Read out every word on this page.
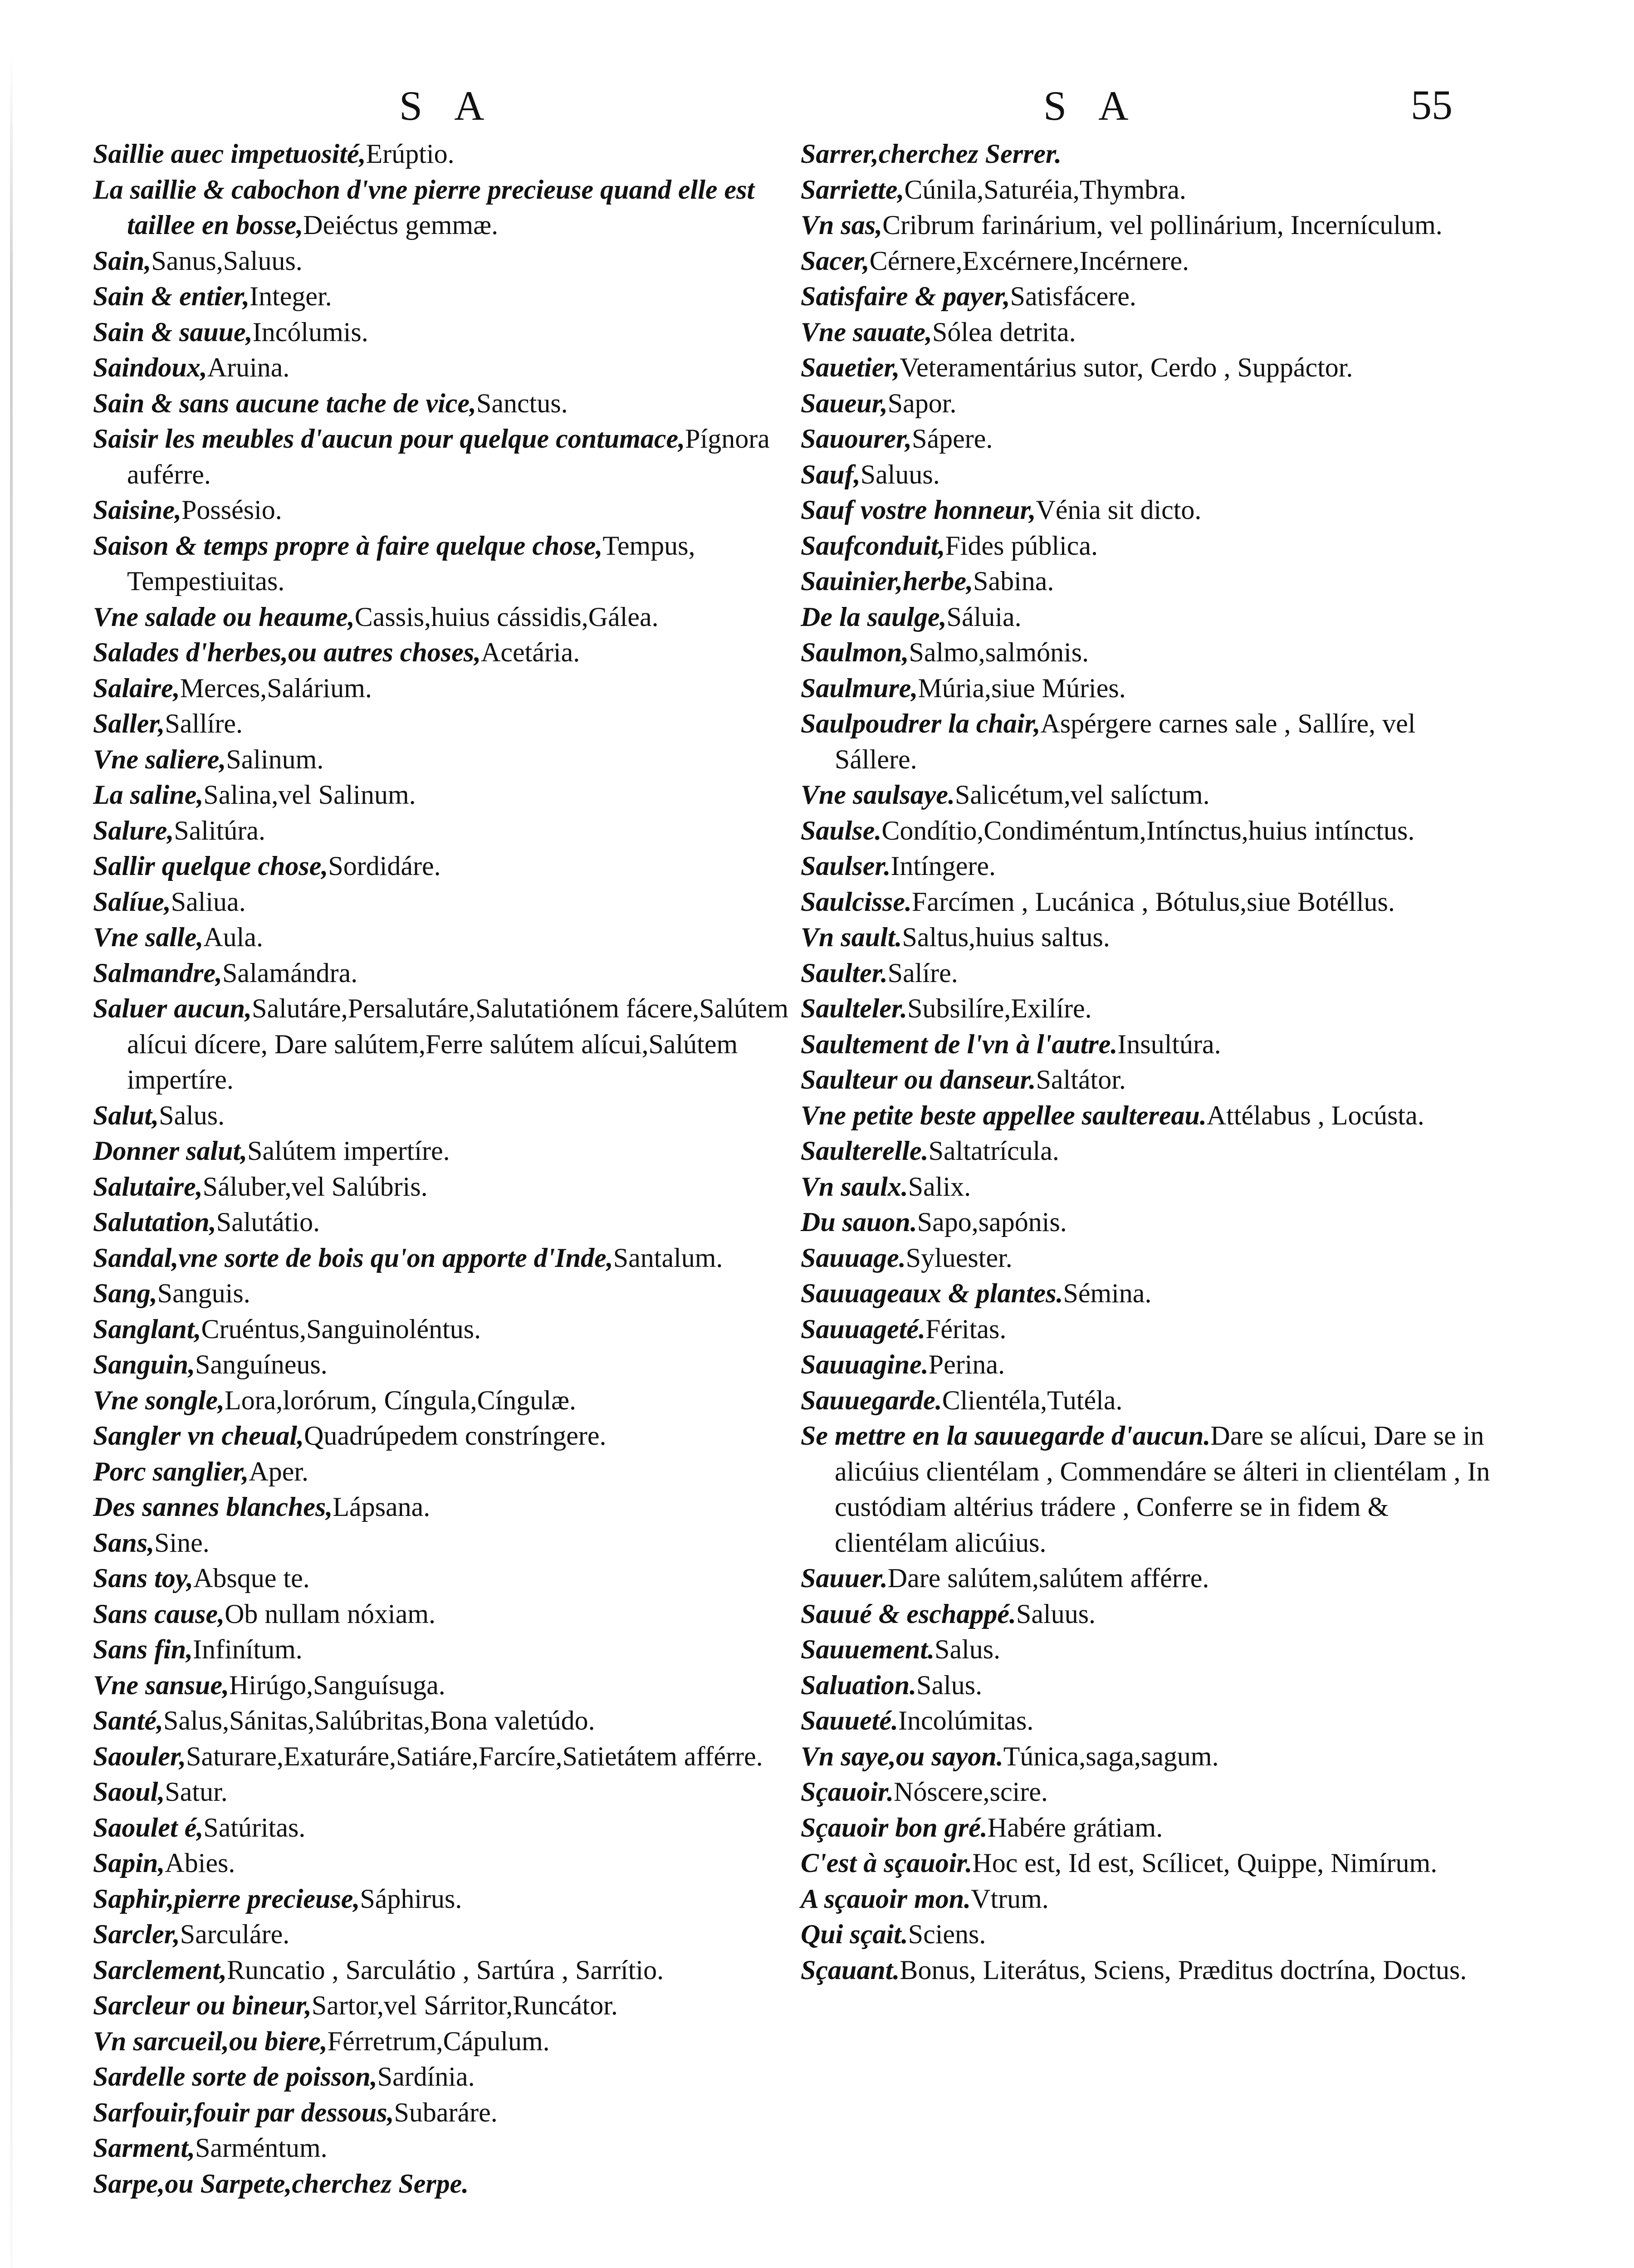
SA	SA	55
Saillie auec impetuosité,Erúptio.
La saillie & cabochon d'vne pierre precieuse quand elle est taillee en bosse,Deiéctus gemmæ.
Sain,Sanus,Saluus.
Sain & entier,Integer.
Sain & sauue,Incólumis.
Saindoux,Aruina.
Sain & sans aucune tache de vice,Sanctus.
Saisir les meubles d'aucun pour quelque contumace,Pígnora auférre.
Saisine,Possésio.
Saison & temps propre à faire quelque chose,Tempus, Tempestiuitas.
Vne salade ou heaume,Cassis,huius cássidis,Gálea.
Salades d'herbes,ou autres choses,Acetária.
Salaire,Merces,Salárium.
Saller,Sallíre.
Vne saliere,Salinum.
La saline,Salina,vel Salinum.
Salure,Salitúra.
Sallir quelque chose,Sordidáre.
Salíue,Saliua.
Vne salle,Aula.
Salmandre,Salamándra.
Saluer aucun,Salutáre,Persalutáre,Salutatiónem fácere,Salútem alícui dícere, Dare salútem,Ferre salútem alícui,Salútem impertíre.
Salut,Salus.
Donner salut,Salútem impertíre.
Salutaire,Sáluber,vel Salúbris.
Salutation,Salutátio.
Sandal,vne sorte de bois qu'on apporte d'Inde,Santalum.
Sang,Sanguis.
Sanglant,Cruéntus,Sanguinoléntus.
Sanguin,Sanguíneus.
Vne songle,Lora,lorórum, Cíngula,Cíngulæ.
Sangler vn cheual,Quadrúpedem constríngere.
Porc sanglier,Aper.
Des sannes blanches,Lápsana.
Sans,Sine.
Sans toy,Absque te.
Sans cause,Ob nullam nóxiam.
Sans fin,Infinítum.
Vne sansue,Hirúgo,Sanguísuga.
Santé,Salus,Sánitas,Salúbritas,Bona valetúdo.
Saouler,Saturare,Exaturáre,Satiáre,Farcíre,Satietátem afférre.
Saoul,Satur.
Saoulet é,Satúritas.
Sapin,Abies.
Saphir,pierre precieuse,Sáphirus.
Sarcler,Sarculáre.
Sarclement,Runcatio , Sarculátio , Sartúra , Sarrítio.
Sarcleur ou bineur,Sartor,vel Sárritor,Runcátor.
Vn sarcueil,ou biere,Férretrum,Cápulum.
Sardelle sorte de poisson,Sardínia.
Sarfouir,fouir par dessous,Subaráre.
Sarment,Sarméntum.
Sarpe,ou Sarpete,cherchez Serpe.
Sarrer,cherchez Serrer.
Sarriette,Cúnila,Saturéia,Thymbra.
Vn sas,Cribrum farinárium, vel pollinárium, Incernículum.
Sacer,Cérnere,Excérnere,Incérnere.
Satisfaire & payer,Satisfácere.
Vne sauate,Sólea detrita.
Sauetier,Veteramentárius sutor, Cerdo , Suppáctor.
Saueur,Sapor.
Sauourer,Sápere.
Sauf,Saluus.
Sauf vostre honneur,Vénia sit dicto.
Saufconduit,Fides pública.
Sauinier,herbe,Sabina.
De la saulge,Sáluia.
Saulmon,Salmo,salmónis.
Saulmure,Múria,siue Múries.
Saulpoudrer la chair,Aspérgere carnes sale , Sallíre, vel Sállere.
Vne saulsaye.Salicétum,vel salíctum.
Saulse.Condítio,Condiméntum,Intínctus,huius intínctus.
Saulser.Intíngere.
Saulcisse.Farcímen , Lucánica , Bótulus,siue Botéllus.
Vn sault.Saltus,huius saltus.
Saulter.Salíre.
Saulteler.Subsilíre,Exilíre.
Saultement de l'vn à l'autre.Insultúra.
Saulteur ou danseur.Saltátor.
Vne petite beste appellee saultereau.Attélabus , Locústa.
Saulterelle.Saltatrícula.
Vn saulx.Salix.
Du sauon.Sapo,sapónis.
Sauuage.Syluester.
Sauuageaux & plantes.Sémina.
Sauuageté.Féritas.
Sauuagine.Perina.
Sauuegarde.Clientéla,Tutéla.
Se mettre en la sauuegarde d'aucun.Dare se alícui, Dare se in alicúius clientélam , Commendáre se álteri in clientélam , In custódiam altérius trádere , Conferre se in fidem & clientélam alicúius.
Sauuer.Dare salútem,salútem afférre.
Sauué & eschappé.Saluus.
Sauuement.Salus.
Saluation.Salus.
Sauueté.Incolúmitas.
Vn saye,ou sayon.Túnica,saga,sagum.
Sçauoir.Nóscere,scire.
Sçauoir bon gré.Habére grátiam.
C'est à sçauoir.Hoc est, Id est, Scílicet, Quippe, Nimírum.
A sçauoir mon.Vtrum.
Qui sçait.Sciens.
Sçauant.Bonus, Literátus, Sciens, Præditus doctrína, Doctus.
